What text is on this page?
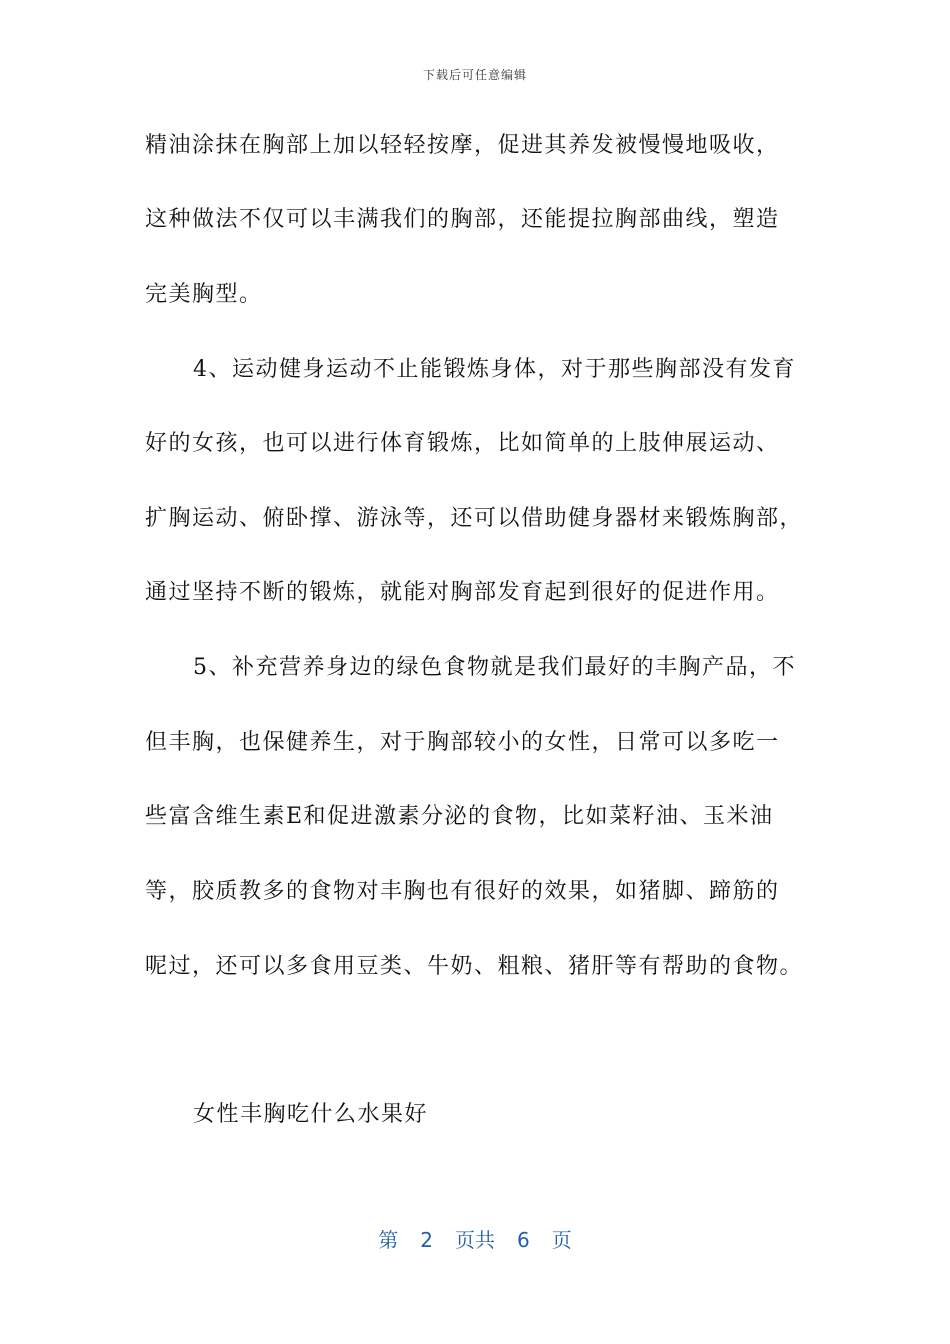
下载后可任意编辑
精油涂抹在胸部上加以轻轻按摩，促进其养发被慢慢地吸收，
这种做法不仅可以丰满我们的胸部，还能提拉胸部曲线，塑造
完美胸型。
4、运动健身运动不止能锻炼身体，对于那些胸部没有发育
好的女孩，也可以进行体育锻炼，比如简单的上肢伸展运动、
扩胸运动、俯卧撑、游泳等，还可以借助健身器材来锻炼胸部，
通过坚持不断的锻炼，就能对胸部发育起到很好的促进作用。
5、补充营养身边的绿色食物就是我们最好的丰胸产品，不
但丰胸，也保健养生，对于胸部较小的女性，日常可以多吃一
些富含维生素E和促进激素分泌的食物，比如菜籽油、玉米油
等，胶质教多的食物对丰胸也有很好的效果，如猪脚、蹄筋的
呢过，还可以多食用豆类、牛奶、粗粮、猪肝等有帮助的食物。
女性丰胸吃什么水果好
第 2 页共 6 页
